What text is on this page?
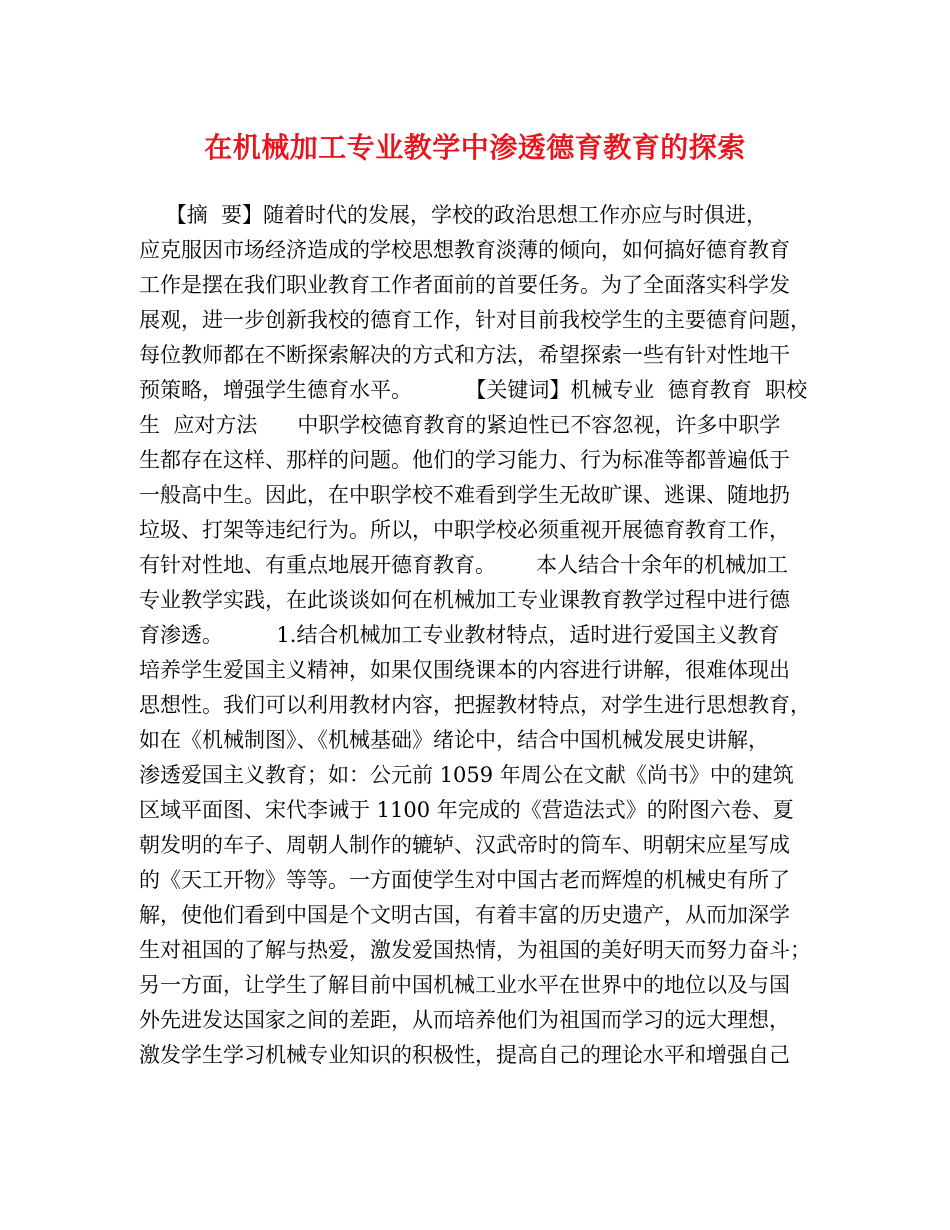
在机械加工专业教学中渗透德育教育的探索
【摘  要】随着时代的发展，学校的政治思想工作亦应与时俱进，
应克服因市场经济造成的学校思想教育淡薄的倾向，如何搞好德育教育
工作是摆在我们职业教育工作者面前的首要任务。为了全面落实科学发
展观，进一步创新我校的德育工作，针对目前我校学生的主要德育问题，
每位教师都在不断探索解决的方式和方法，希望探索一些有针对性地干
预策略，增强学生德育水平。        【关键词】机械专业  德育教育  职校
生  应对方法      中职学校德育教育的紧迫性已不容忽视，许多中职学
生都存在这样、那样的问题。他们的学习能力、行为标准等都普遍低于
一般高中生。因此，在中职学校不难看到学生无故旷课、逃课、随地扔
垃圾、打架等违纪行为。所以，中职学校必须重视开展德育教育工作，
有针对性地、有重点地展开德育教育。      本人结合十余年的机械加工
专业教学实践，在此谈谈如何在机械加工专业课教育教学过程中进行德
育渗透。        1.结合机械加工专业教材特点，适时进行爱国主义教育
培养学生爱国主义精神，如果仅围绕课本的内容进行讲解，很难体现出
思想性。我们可以利用教材内容，把握教材特点，对学生进行思想教育，
如在《机械制图》、《机械基础》绪论中，结合中国机械发展史讲解，
渗透爱国主义教育；如：公元前 1059 年周公在文献《尚书》中的建筑
区域平面图、宋代李诫于 1100 年完成的《营造法式》的附图六卷、夏
朝发明的车子、周朝人制作的辘轳、汉武帝时的筒车、明朝宋应星写成
的《天工开物》等等。一方面使学生对中国古老而辉煌的机械史有所了
解，使他们看到中国是个文明古国，有着丰富的历史遗产，从而加深学
生对祖国的了解与热爱，激发爱国热情，为祖国的美好明天而努力奋斗；
另一方面，让学生了解目前中国机械工业水平在世界中的地位以及与国
外先进发达国家之间的差距，从而培养他们为祖国而学习的远大理想，
激发学生学习机械专业知识的积极性，提高自己的理论水平和增强自己
